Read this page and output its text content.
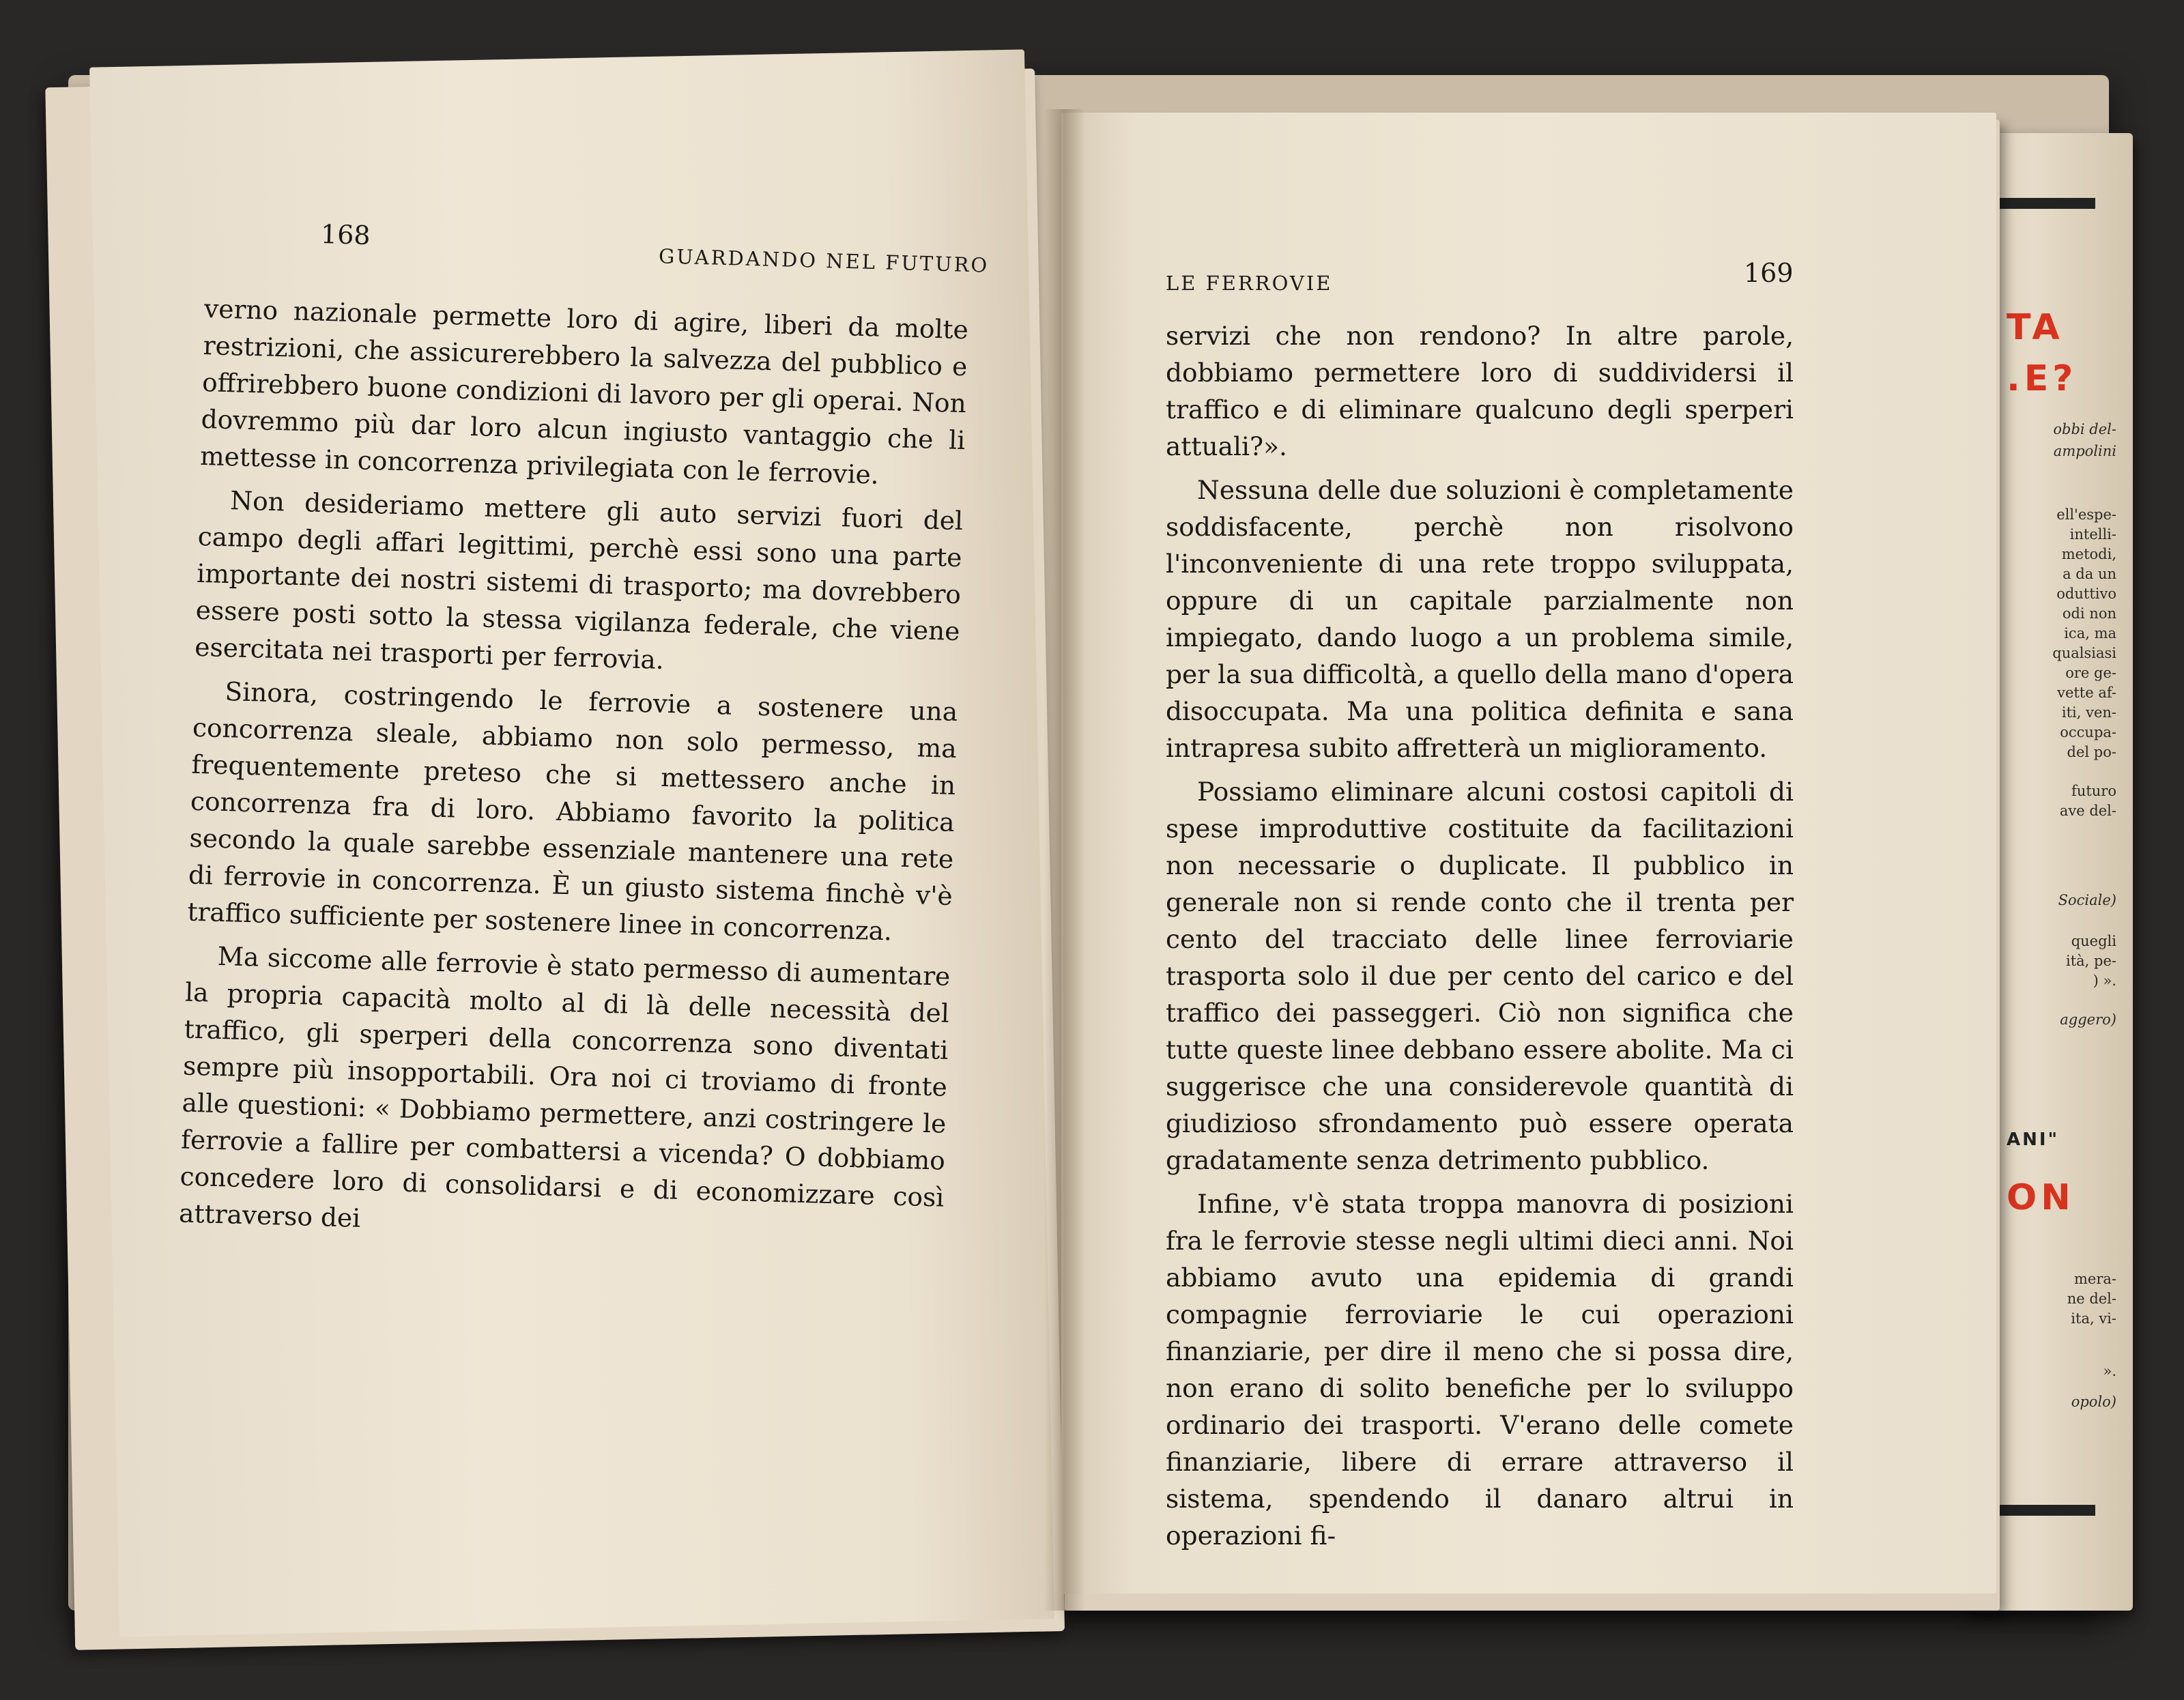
TA
.E?
obbi del-
ampolini
ell'espe-
intelli-
metodi,
a da un
oduttivo
odi non
ica, ma
qualsiasi
ore ge-
vette af-
iti, ven-
occupa-
del po-
futuro
ave del-
Sociale)
quegli
ità, pe-
) ».
aggero)
ANI"
ON
mera-
ne del-
ita, vi-
».
opolo)
168
GUARDANDO NEL FUTURO

verno nazionale permette loro di agire, liberi da molte restrizioni, che assicurerebbero la salvezza del pubblico e offrirebbero buone condizioni di lavoro per gli operai. Non dovremmo più dar loro alcun ingiusto vantaggio che li mettesse in concorrenza privilegiata con le ferrovie.

Non desideriamo mettere gli auto servizi fuori del campo degli affari legittimi, perchè essi sono una parte importante dei nostri sistemi di trasporto; ma dovrebbero essere posti sotto la stessa vigilanza federale, che viene esercitata nei trasporti per ferrovia.

Sinora, costringendo le ferrovie a sostenere una concorrenza sleale, abbiamo non solo permesso, ma frequentemente preteso che si mettessero anche in concorrenza fra di loro. Abbiamo favorito la politica secondo la quale sarebbe essenziale mantenere una rete di ferrovie in concorrenza. È un giusto sistema finchè v'è traffico sufficiente per sostenere linee in concorrenza.

Ma siccome alle ferrovie è stato permesso di aumentare la propria capacità molto al di là delle necessità del traffico, gli sperperi della concorrenza sono diventati sempre più insopportabili. Ora noi ci troviamo di fronte alle questioni: « Dobbiamo permettere, anzi costringere le ferrovie a fallire per combattersi a vicenda? O dobbiamo concedere loro di consolidarsi e di economizzare così attraverso dei

LE FERROVIE	169

servizi che non rendono? In altre parole, dobbiamo permettere loro di suddividersi il traffico e di eliminare qualcuno degli sperperi attuali?».

Nessuna delle due soluzioni è completamente soddisfacente, perchè non risolvono l'inconveniente di una rete troppo sviluppata, oppure di un capitale parzialmente non impiegato, dando luogo a un problema simile, per la sua difficoltà, a quello della mano d'opera disoccupata. Ma una politica definita e sana intrapresa subito affretterà un miglioramento.

Possiamo eliminare alcuni costosi capitoli di spese improduttive costituite da facilitazioni non necessarie o duplicate. Il pubblico in generale non si rende conto che il trenta per cento del tracciato delle linee ferroviarie trasporta solo il due per cento del carico e del traffico dei passeggeri. Ciò non significa che tutte queste linee debbano essere abolite. Ma ci suggerisce che una considerevole quantità di giudizioso sfrondamento può essere operata gradatamente senza detrimento pubblico.

Infine, v'è stata troppa manovra di posizioni fra le ferrovie stesse negli ultimi dieci anni. Noi abbiamo avuto una epidemia di grandi compagnie ferroviarie le cui operazioni finanziarie, per dire il meno che si possa dire, non erano di solito benefiche per lo sviluppo ordinario dei trasporti. V'erano delle comete finanziarie, libere di errare attraverso il sistema, spendendo il danaro altrui in operazioni fi-
